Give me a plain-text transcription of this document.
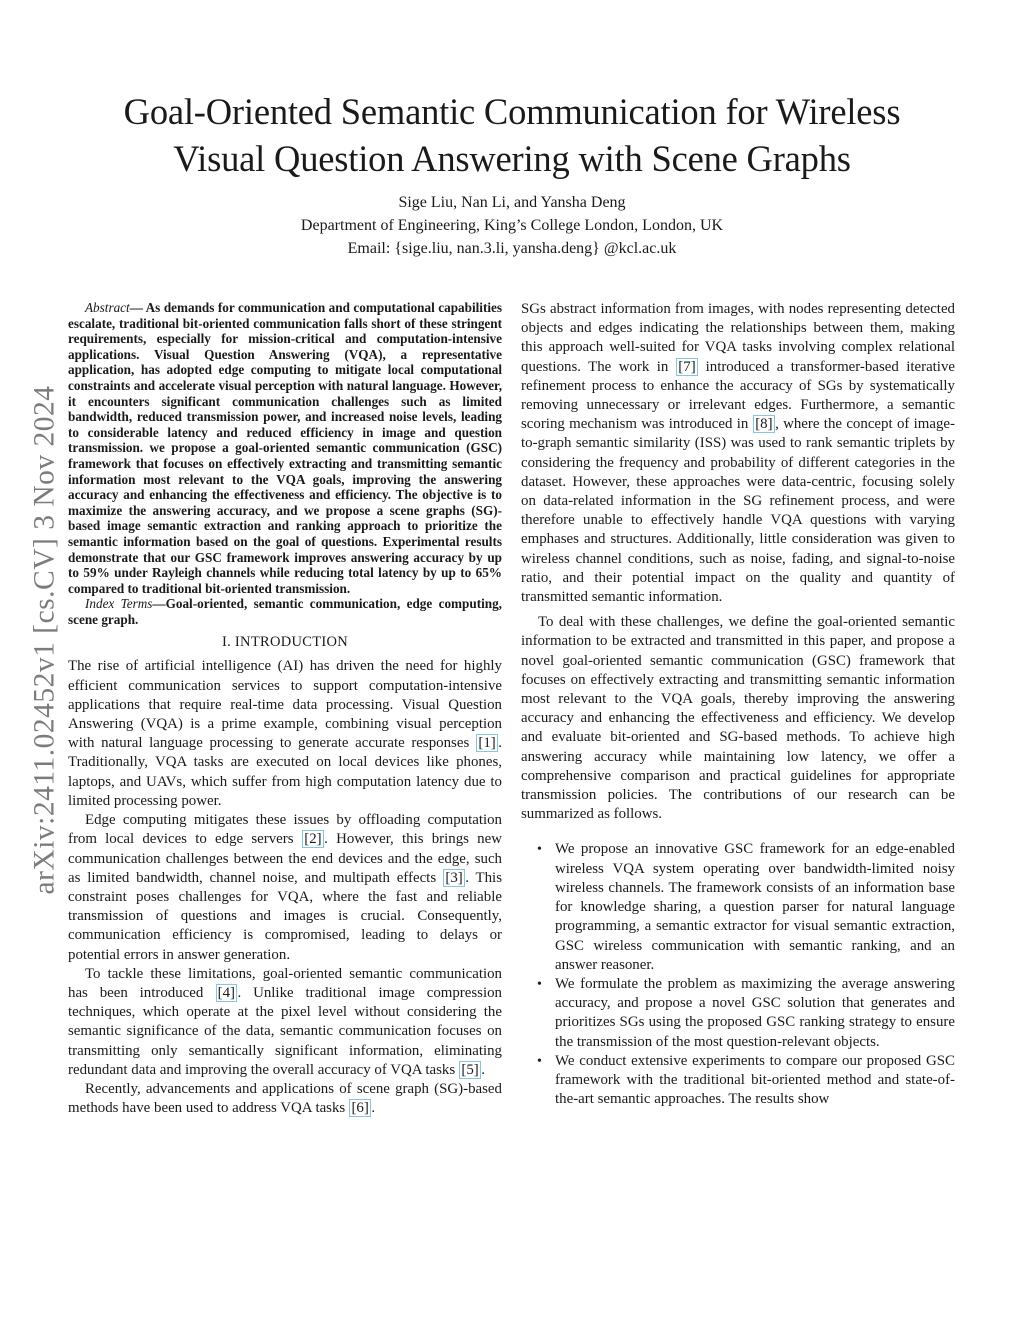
Goal-Oriented Semantic Communication for Wireless
Visual Question Answering with Scene Graphs
Sige Liu, Nan Li, and Yansha Deng
Department of Engineering, King’s College London, London, UK
Email: {sige.liu, nan.3.li, yansha.deng} @kcl.ac.uk
arXiv:2411.02452v1 [cs.CV] 3 Nov 2024

Abstract— As demands for communication and computational capabilities escalate, traditional bit-oriented communication falls short of these stringent requirements, especially for mission-critical and computation-intensive applications. Visual Question Answering (VQA), a representative application, has adopted edge computing to mitigate local computational constraints and accelerate visual perception with natural language. However, it encounters significant communication challenges such as limited bandwidth, reduced transmission power, and increased noise levels, leading to considerable latency and reduced efficiency in image and question transmission. we propose a goal-oriented semantic communication (GSC) framework that focuses on effectively extracting and transmitting semantic information most relevant to the VQA goals, improving the answering accuracy and enhancing the effectiveness and efficiency. The objective is to maximize the answering accuracy, and we propose a scene graphs (SG)-based image semantic extraction and ranking approach to prioritize the semantic information based on the goal of questions. Experimental results demonstrate that our GSC framework improves answering accuracy by up to 59% under Rayleigh channels while reducing total latency by up to 65% compared to traditional bit-oriented transmission.

Index Terms—Goal-oriented, semantic communication, edge computing, scene graph.

I. INTRODUCTION

The rise of artificial intelligence (AI) has driven the need for highly efficient communication services to support computation-intensive applications that require real-time data processing. Visual Question Answering (VQA) is a prime example, combining visual perception with natural language processing to generate accurate responses [1] . Traditionally, VQA tasks are executed on local devices like phones, laptops, and UAVs, which suffer from high computation latency due to limited processing power.

Edge computing mitigates these issues by offloading computation from local devices to edge servers [2] . However, this brings new communication challenges between the end devices and the edge, such as limited bandwidth, channel noise, and multipath effects [3] . This constraint poses challenges for VQA, where the fast and reliable transmission of questions and images is crucial. Consequently, communication efficiency is compromised, leading to delays or potential errors in answer generation.

To tackle these limitations, goal-oriented semantic communication has been introduced [4] . Unlike traditional image compression techniques, which operate at the pixel level without considering the semantic significance of the data, semantic communication focuses on transmitting only semantically significant information, eliminating redundant data and improving the overall accuracy of VQA tasks [5] .

Recently, advancements and applications of scene graph (SG)-based methods have been used to address VQA tasks [6] .

SGs abstract information from images, with nodes representing detected objects and edges indicating the relationships between them, making this approach well-suited for VQA tasks involving complex relational questions. The work in [7] introduced a transformer-based iterative refinement process to enhance the accuracy of SGs by systematically removing unnecessary or irrelevant edges. Furthermore, a semantic scoring mechanism was introduced in [8] , where the concept of image-to-graph semantic similarity (ISS) was used to rank semantic triplets by considering the frequency and probability of different categories in the dataset. However, these approaches were data-centric, focusing solely on data-related information in the SG refinement process, and were therefore unable to effectively handle VQA questions with varying emphases and structures. Additionally, little consideration was given to wireless channel conditions, such as noise, fading, and signal-to-noise ratio, and their potential impact on the quality and quantity of transmitted semantic information.

To deal with these challenges, we define the goal-oriented semantic information to be extracted and transmitted in this paper, and propose a novel goal-oriented semantic communication (GSC) framework that focuses on effectively extracting and transmitting semantic information most relevant to the VQA goals, thereby improving the answering accuracy and enhancing the effectiveness and efficiency. We develop and evaluate bit-oriented and SG-based methods. To achieve high answering accuracy while maintaining low latency, we offer a comprehensive comparison and practical guidelines for appropriate transmission policies. The contributions of our research can be summarized as follows.

• We propose an innovative GSC framework for an edge-enabled wireless VQA system operating over bandwidth-limited noisy wireless channels. The framework consists of an information base for knowledge sharing, a question parser for natural language programming, a semantic extractor for visual semantic extraction, GSC wireless communication with semantic ranking, and an answer reasoner.
• We formulate the problem as maximizing the average answering accuracy, and propose a novel GSC solution that generates and prioritizes SGs using the proposed GSC ranking strategy to ensure the transmission of the most question-relevant objects.
• We conduct extensive experiments to compare our proposed GSC framework with the traditional bit-oriented method and state-of-the-art semantic approaches. The results show
